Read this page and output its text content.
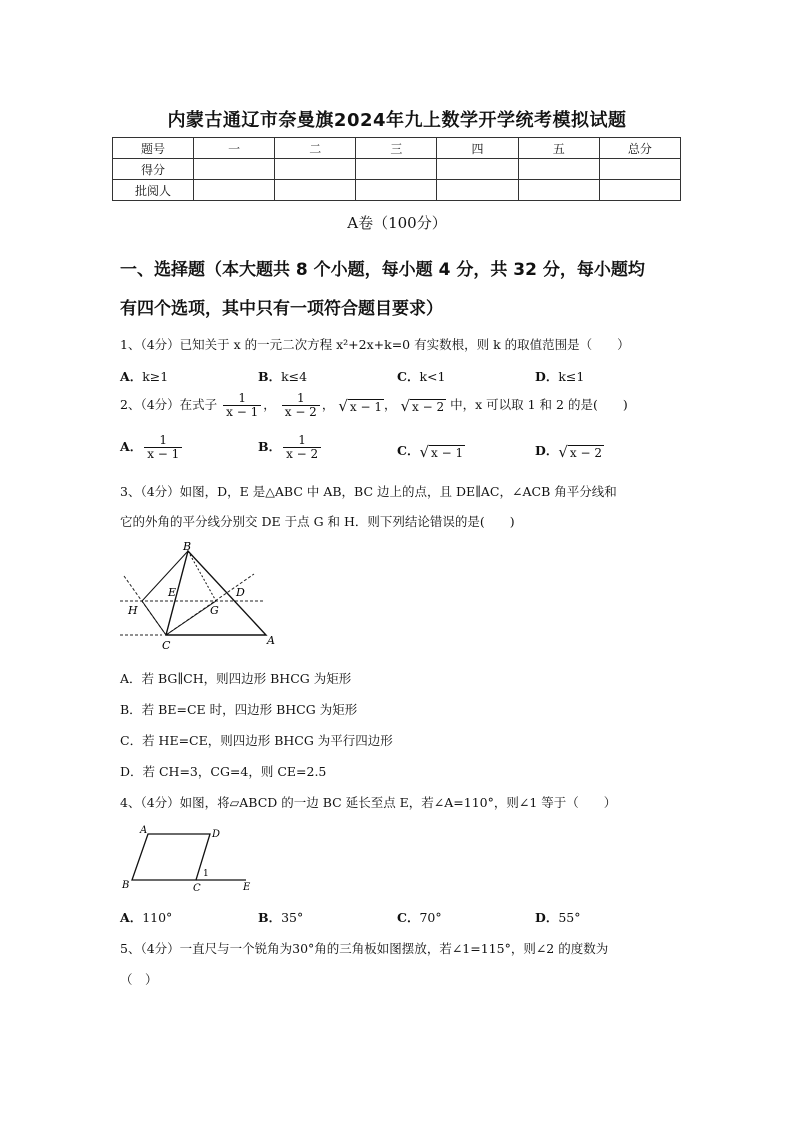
内蒙古通辽市奈曼旗2024年九上数学开学统考模拟试题
题号	一	二	三	四	五	总分
得分						
批阅人						
A卷（100分）
一、选择题（本大题共 8 个小题，每小题 4 分，共 32 分，每小题均
有四个选项，其中只有一项符合题目要求）
1、（4分）已知关于 x 的一元二次方程 x²+2x+k=0 有实数根，则 k 的取值范围是（　　）
A．k≥1	B．k≤4	C．k<1	D．k≤1
2、（4分）在式子 $\frac{1}{x - 1}$ ， $\frac{1}{x - 2}$ ， √ x − 1 ， √ x − 2 中，x 可以取 1 和 2 的是(　　)
A． $\frac{1}{x - 1}$	B． $\frac{1}{x - 2}$	C．√ x − 1	D．√ x − 2
3、（4分）如图，D，E 是△ABC 中 AB，BC 边上的点，且 DE∥AC，∠ACB 角平分线和
它的外角的平分线分别交 DE 于点 G 和 H．则下列结论错误的是(　　)
B
E	D
H	G
C	A
A．若 BG∥CH，则四边形 BHCG 为矩形
B．若 BE=CE 时，四边形 BHCG 为矩形
C．若 HE=CE，则四边形 BHCG 为平行四边形
D．若 CH=3，CG=4，则 CE=2.5
4、（4分）如图，将▱ABCD 的一边 BC 延长至点 E，若∠A=110°，则∠1 等于（　　）
A	D
B	C	E
1
A．110°	B．35°	C．70°	D．55°
5、（4分）一直尺与一个锐角为30°角的三角板如图摆放，若∠1=115°，则∠2 的度数为
（　）
